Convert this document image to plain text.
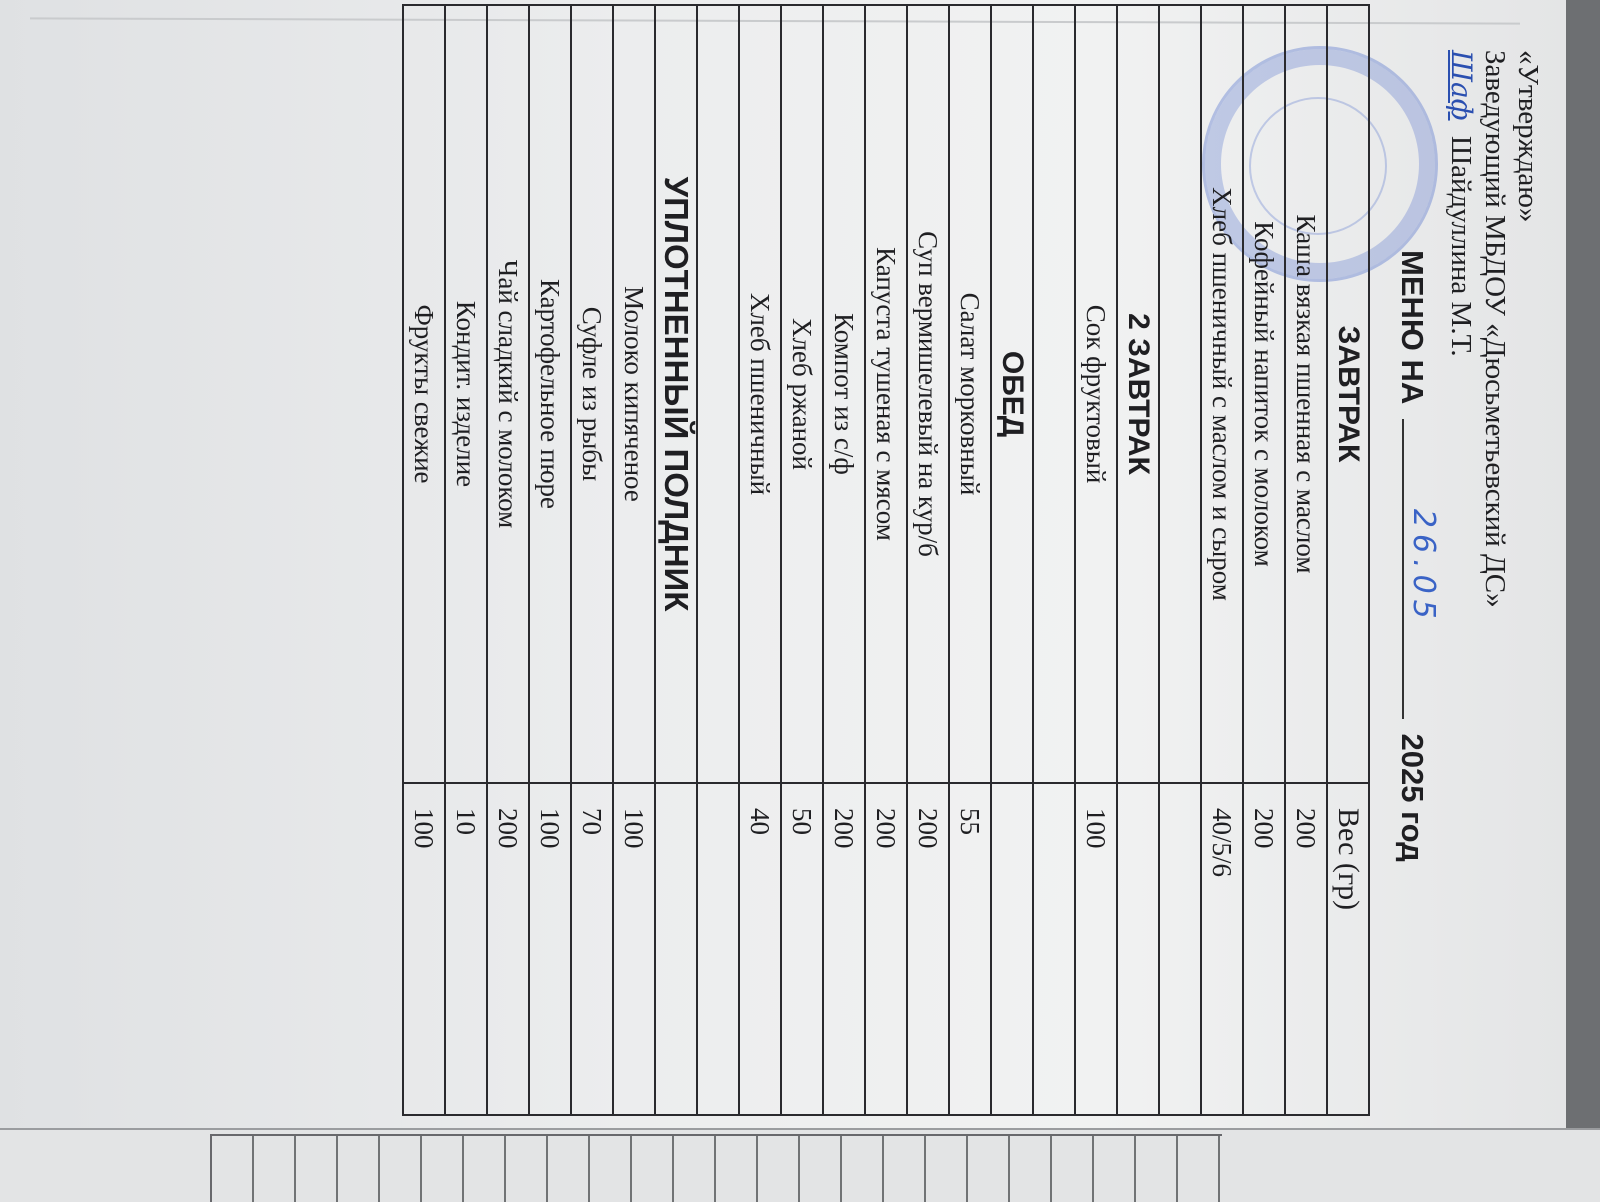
«Утверждаю»
Заведующий МБДОУ «Дюсьметьевский ДС»
Шаф Шайдуллина М.Т.
МЕНЮ НА
26.05
2025 год
ЗАВТРАК	Вес (гр)
Каша вязкая пшенная с маслом	200
Кофейный напиток с молоком	200
Хлеб пшеничный с маслом и сыром	40/5/6

2 ЗАВТРАК	
Сок фруктовый	100

ОБЕД	
Салат морковный	55
Суп вермишелевый на кур/б	200
Капуста тушеная с мясом	200
Компот из с/ф	200
Хлеб ржаной	50
Хлеб пшеничный	40

УПЛОТНЕННЫЙ ПОЛДНИК	
Молоко кипяченое	100
Суфле из рыбы	70
Картофельное пюре	100
Чай сладкий с молоком	200
Кондит. изделие	10
Фрукты свежие	100
